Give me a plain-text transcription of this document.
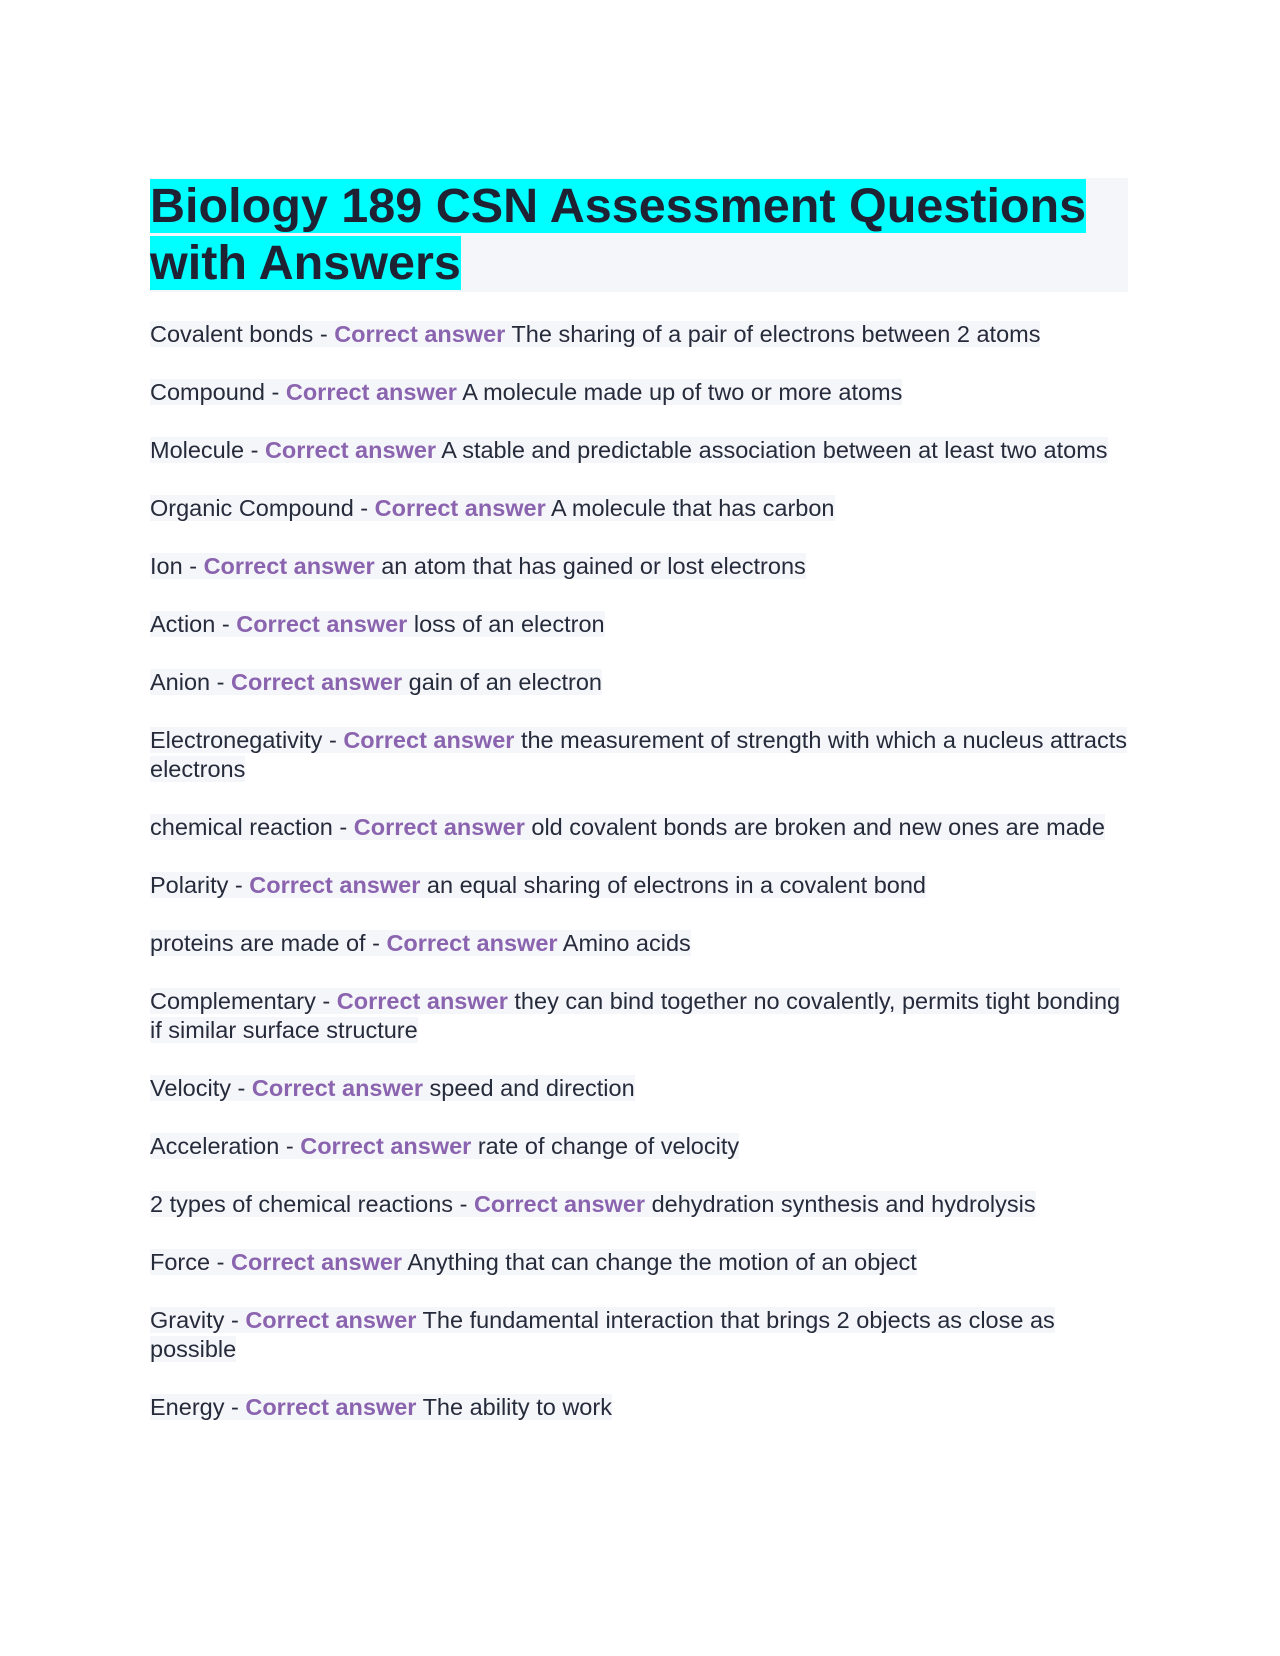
Biology 189 CSN Assessment Questions with Answers
Covalent bonds - Correct answer The sharing of a pair of electrons between 2 atoms
Compound - Correct answer A molecule made up of two or more atoms
Molecule - Correct answer A stable and predictable association between at least two atoms
Organic Compound - Correct answer A molecule that has carbon
Ion - Correct answer an atom that has gained or lost electrons
Action - Correct answer loss of an electron
Anion - Correct answer gain of an electron
Electronegativity - Correct answer the measurement of strength with which a nucleus attracts electrons
chemical reaction - Correct answer old covalent bonds are broken and new ones are made
Polarity - Correct answer an equal sharing of electrons in a covalent bond
proteins are made of - Correct answer Amino acids
Complementary - Correct answer they can bind together no covalently, permits tight bonding if similar surface structure
Velocity - Correct answer speed and direction
Acceleration - Correct answer rate of change of velocity
2 types of chemical reactions - Correct answer dehydration synthesis and hydrolysis
Force - Correct answer Anything that can change the motion of an object
Gravity - Correct answer The fundamental interaction that brings 2 objects as close as possible
Energy - Correct answer The ability to work
